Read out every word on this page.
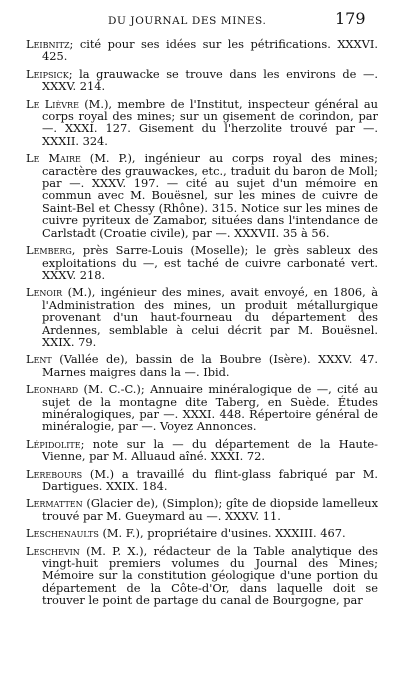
DU JOURNAL DES MINES.	179

Leibnitz; cité pour ses idées sur les pétrifications. XXXVI. 425.

Leipsick; la grauwacke se trouve dans les environs de —. XXXV. 214.

Le Lièvre (M.), membre de l'Institut, inspecteur général au corps royal des mines; sur un gisement de corindon, par —. XXXI. 127. Gisement du l'herzolite trouvé par —. XXXII. 324.

Le Maire (M. P.), ingénieur au corps royal des mines; caractère des grauwackes, etc., traduit du baron de Moll; par —. XXXV. 197. — cité au sujet d'un mémoire en commun avec M. Bouësnel, sur les mines de cuivre de Saint-Bel et Chessy (Rhône). 315. Notice sur les mines de cuivre pyriteux de Zamabor, situées dans l'intendance de Carlstadt (Croatie civile), par —. XXXVII. 35 à 56.

Lemberg, près Sarre-Louis (Moselle); le grès sableux des exploitations du —, est taché de cuivre carbonaté vert. XXXV. 218.

Lenoir (M.), ingénieur des mines, avait envoyé, en 1806, à l'Administration des mines, un produit métallurgique provenant d'un haut-fourneau du département des Ardennes, semblable à celui décrit par M. Bouësnel. XXIX. 79.

Lent (Vallée de), bassin de la Boubre (Isère). XXXV. 47. Marnes maigres dans la —. Ibid.

Leonhard (M. C.-C.); Annuaire minéralogique de —, cité au sujet de la montagne dite Taberg, en Suède. Études minéralogiques, par —. XXXI. 448. Répertoire général de minéralogie, par —. Voyez Annonces.

Lépidolite; note sur la — du département de la Haute-Vienne, par M. Alluaud aîné. XXXI. 72.

Lerebours (M.) a travaillé du flint-glass fabriqué par M. Dartigues. XXIX. 184.

Lermatten (Glacier de), (Simplon); gîte de diopside lamelleux trouvé par M. Gueymard au —. XXXV. 11.

Leschenaults (M. F.), propriétaire d'usines. XXXIII. 467.

Leschevin (M. P. X.), rédacteur de la Table analytique des vingt-huit premiers volumes du Journal des Mines; Mémoire sur la constitution géologique d'une portion du département de la Côte-d'Or, dans laquelle doit se trouver le point de partage du canal de Bourgogne, par
